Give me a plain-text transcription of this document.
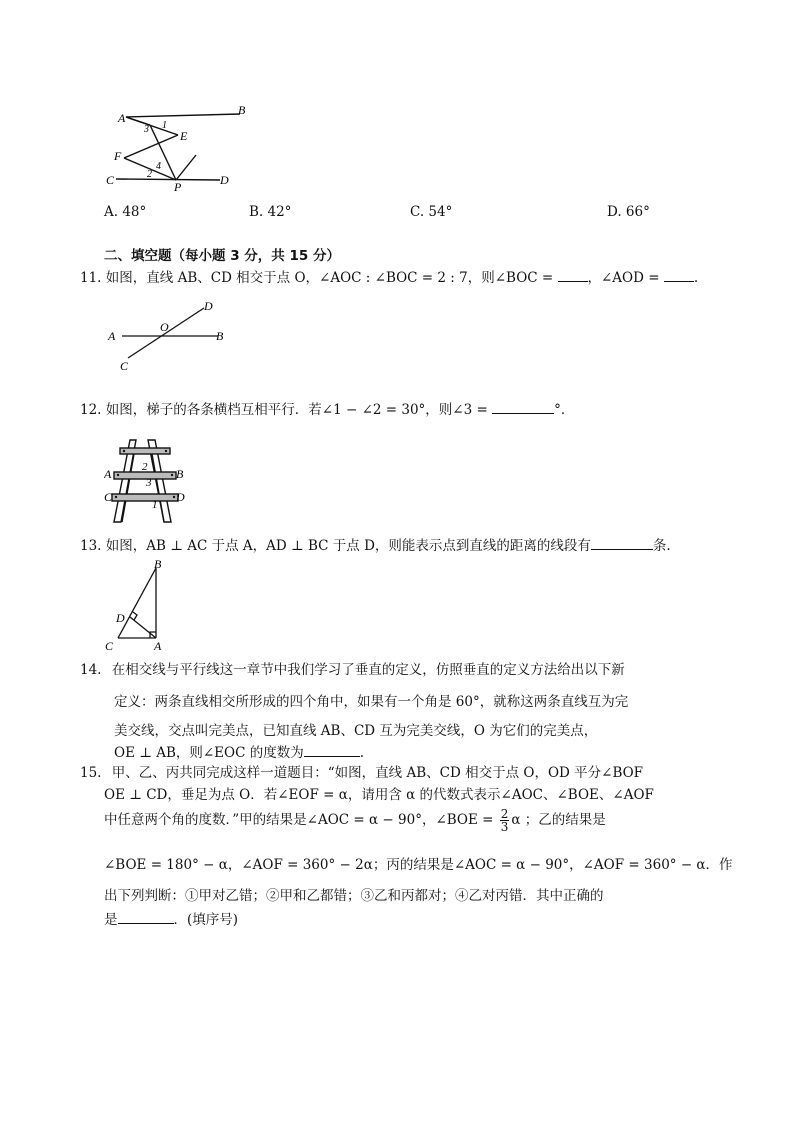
A
B
E
F
C	P	D
1
3
2
4
A. 48°	B. 42°	C. 54°	D. 66°
二、填空题（每小题 3 分，共 15 分）
11. 如图，直线 AB、CD 相交于点 O，∠AOC : ∠BOC = 2 : 7，则∠BOC = ，∠AOD = .
A	B
O
D
C
12. 如图，梯子的各条横档互相平行．若∠1 − ∠2 = 30°，则∠3 =	°．
A	B
C	D
2
3
1
13. 如图，AB ⊥ AC 于点 A，AD ⊥ BC 于点 D，则能表示点到直线的距离的线段有	条.
B
D
C	A
14. 在相交线与平行线这一章节中我们学习了垂直的定义，仿照垂直的定义方法给出以下新
定义：两条直线相交所形成的四个角中，如果有一个角是 60°，就称这两条直线互为完
美交线，交点叫完美点，已知直线 AB、CD 互为完美交线，O 为它们的完美点，
OE ⊥ AB，则∠EOC 的度数为	.
15. 甲、乙、丙共同完成这样一道题目：“如图，直线 AB、CD 相交于点 O，OD 平分∠BOF
OE ⊥ CD，垂足为点 O．若∠EOF = α，请用含 α 的代数式表示∠AOC、∠BOE、∠AOF
中任意两个角的度数．”甲的结果是∠AOC = α − 90°，∠BOE = $\frac{2}{3}$ α ；乙的结果是
∠BOE = 180° − α，∠AOF = 360° − 2α；丙的结果是∠AOC = α − 90°，∠AOF = 360° − α．作
出下列判断：①甲对乙错；②甲和乙都错；③乙和丙都对；④乙对丙错．其中正确的
是	．(填序号)
